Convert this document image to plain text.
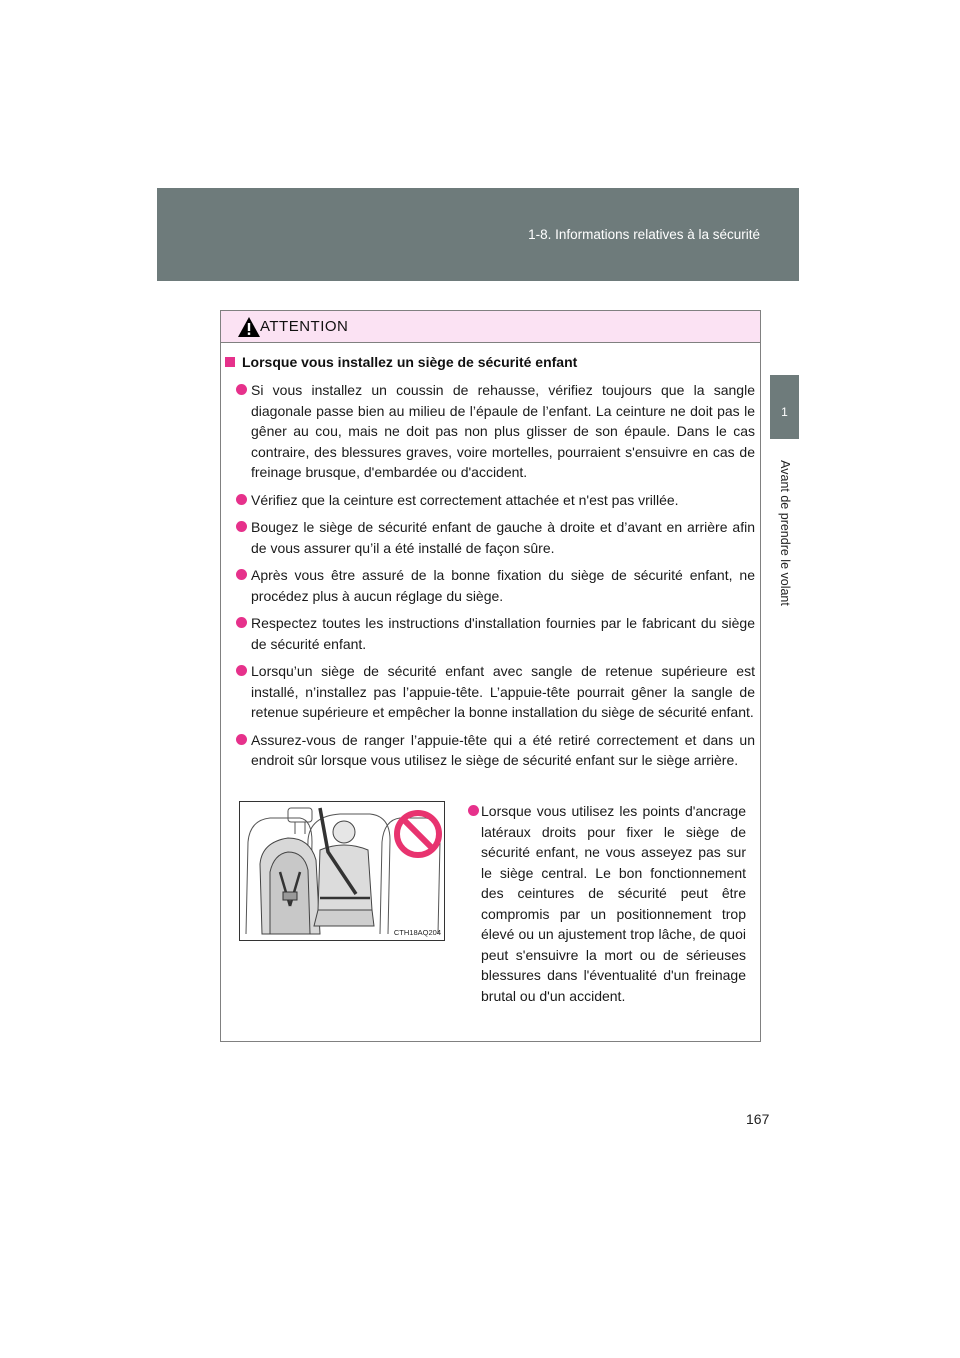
1-8. Informations relatives à la sécurité
1
Avant de prendre le volant
ATTENTION
Lorsque vous installez un siège de sécurité enfant
Si vous installez un coussin de rehausse, vérifiez toujours que la sangle diagonale passe bien au milieu de l’épaule de l’enfant. La ceinture ne doit pas le gêner au cou, mais ne doit pas non plus glisser de son épaule. Dans le cas contraire, des blessures graves, voire mortelles, pourraient s'ensuivre en cas de freinage brusque, d'embardée ou d'accident.
Vérifiez que la ceinture est correctement attachée et n'est pas vrillée.
Bougez le siège de sécurité enfant de gauche à droite et d’avant en arrière afin de vous assurer qu’il a été installé de façon sûre.
Après vous être assuré de la bonne fixation du siège de sécurité enfant, ne procédez plus à aucun réglage du siège.
Respectez toutes les instructions d'installation fournies par le fabricant du siège de sécurité enfant.
Lorsqu’un siège de sécurité enfant avec sangle de retenue supérieure est installé, n’installez pas l’appuie-tête. L’appuie-tête pourrait gêner la sangle de retenue supérieure et empêcher la bonne installation du siège de sécurité enfant.
Assurez-vous de ranger l’appuie-tête qui a été retiré correctement et dans un endroit sûr lorsque vous utilisez le siège de sécurité enfant sur le siège arrière.
CTH18AQ204
Lorsque vous utilisez les points d'ancrage latéraux droits pour fixer le siège de sécurité enfant, ne vous asseyez pas sur le siège central. Le bon fonctionnement des ceintures de sécurité peut être compromis par un positionnement trop élevé ou un ajustement trop lâche, de quoi peut s'ensuivre la mort ou de sérieuses blessures dans l'éventualité d'un freinage brutal ou d'un accident.
167
